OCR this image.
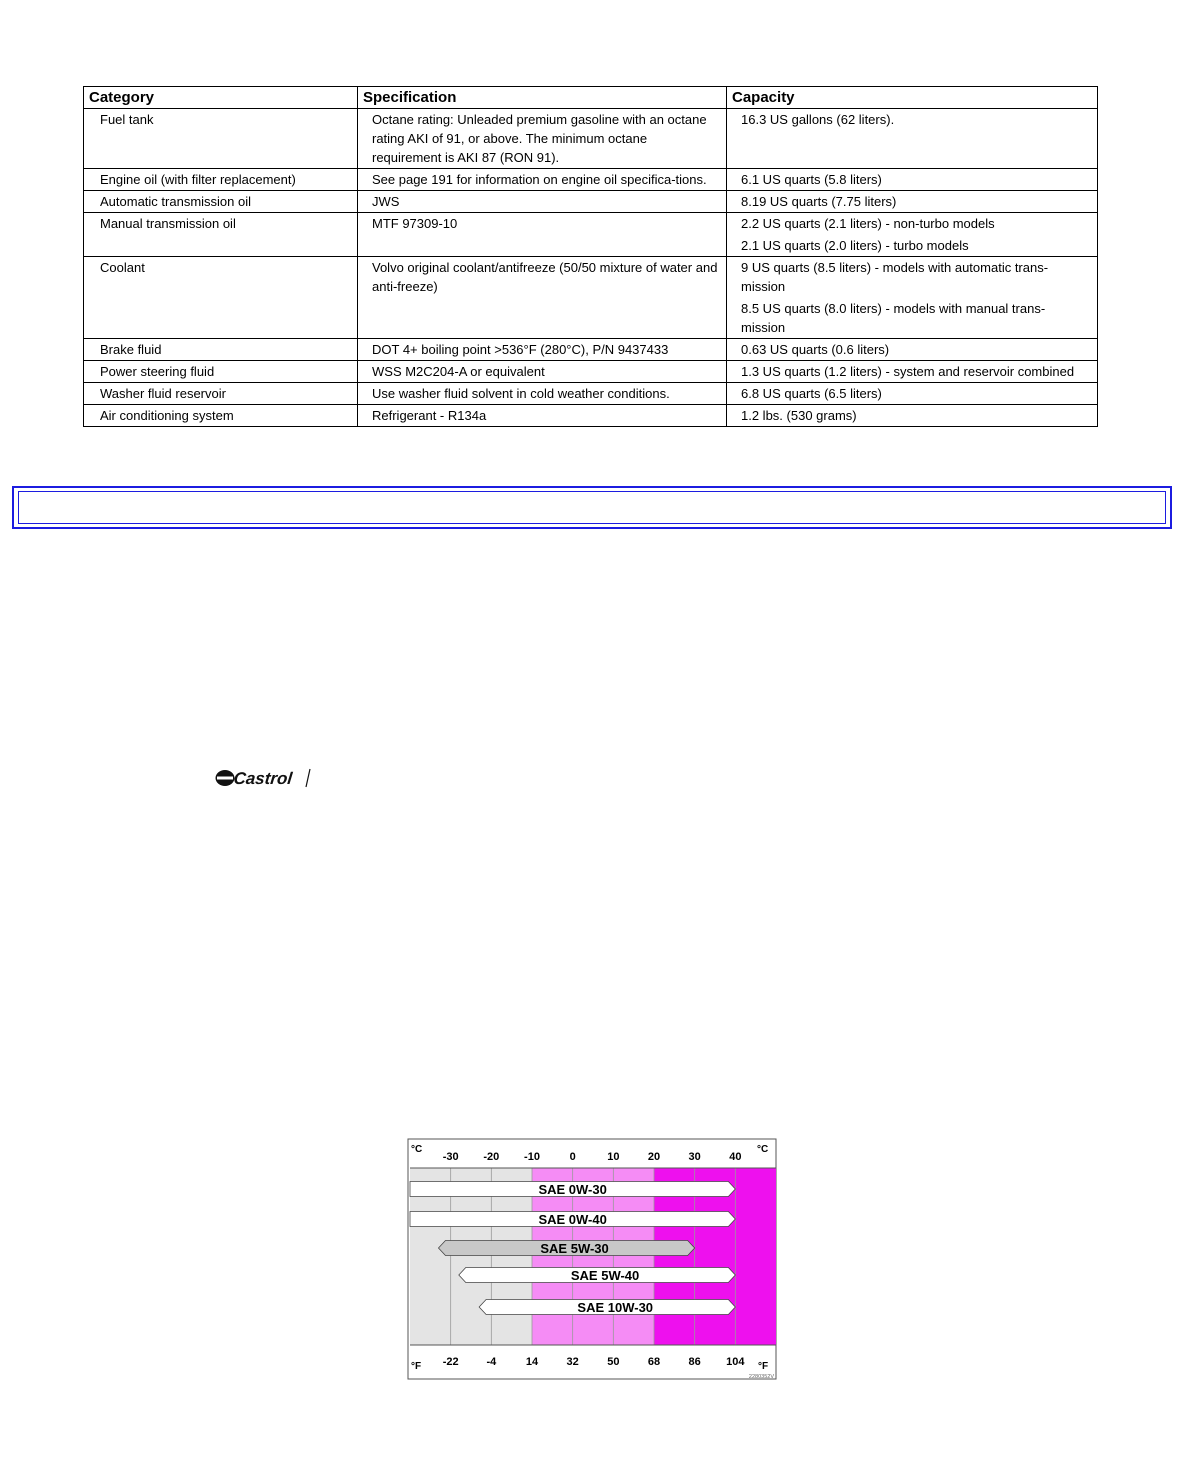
Category	Specification	Capacity
Fuel tank	Octane rating: Unleaded premium gasoline with an octane rating AKI of 91, or above. The minimum octane requirement is AKI 87 (RON 91).	16.3 US gallons (62 liters).

Engine oil (with filter replacement)	See page 191 for information on engine oil specifica-tions.	6.1 US quarts (5.8 liters)

Automatic transmission oil	JWS	8.19 US quarts (7.75 liters)

Manual transmission oil	MTF 97309-10	2.2 US quarts (2.1 liters) - non-turbo models
2.1 US quarts (2.0 liters) - turbo models

Coolant	Volvo original coolant/antifreeze (50/50 mixture of water and anti-freeze)	9 US quarts (8.5 liters) - models with automatic trans-mission
8.5 US quarts (8.0 liters) - models with manual trans-mission

Brake fluid	DOT 4+ boiling point >536°F (280°C), P/N 9437433	0.63 US quarts (0.6 liters)

Power steering fluid	WSS M2C204-A or equivalent	1.3 US quarts (1.2 liters) - system and reservoir combined

Washer fluid reservoir	Use washer fluid solvent in cold weather conditions.	6.8 US quarts (6.5 liters)

Air conditioning system	Refrigerant - R134a	1.2 lbs. (530 grams)
Castrol
-30 -20 -10	0	10	20	30	40
-22	-4	14	32	50	68	86 104
°C	°C
°F	°F
SAE 0W-30
SAE 0W-40
SAE 5W-30
SAE 5W-40
SAE 10W-30
2280352V
